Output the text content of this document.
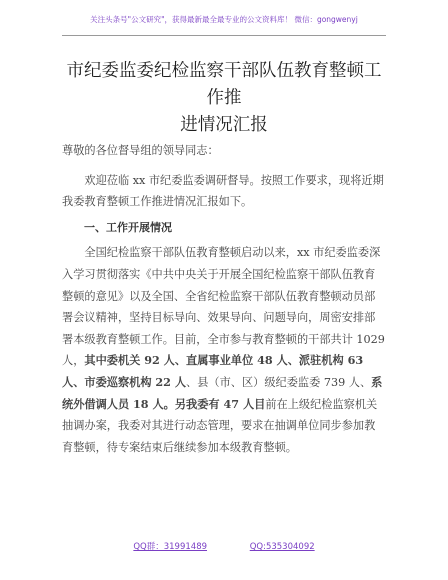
关注头条号"公文研究"，获得最新最全最专业的公文资料库！ 微信：gongwenyj
市纪委监委纪检监察干部队伍教育整顿工作推
进情况汇报

尊敬的各位督导组的领导同志：

欢迎莅临 xx 市纪委监委调研督导。按照工作要求，现将近期我委教育整顿工作推进情况汇报如下。

一、工作开展情况

全国纪检监察干部队伍教育整顿启动以来，xx 市纪委监委深入学习贯彻落实《中共中央关于开展全国纪检监察干部队伍教育整顿的意见》以及全国、全省纪检监察干部队伍教育整顿动员部署会议精神，坚持目标导向、效果导向、问题导向，周密安排部署本级教育整顿工作。目前，全市参与教育整顿的干部共计 1029 人，其中委机关 92 人、直属事业单位 48 人、派驻机构 63 人、市委巡察机构 22 人、县（市、区）级纪委监委 739 人、系统外借调人员 18 人。另我委有 47 人目前在上级纪检监察机关抽调办案，我委对其进行动态管理，要求在抽调单位同步参加教育整顿，待专案结束后继续参加本级教育整顿。

QQ群：31991489	QQ:535304092
